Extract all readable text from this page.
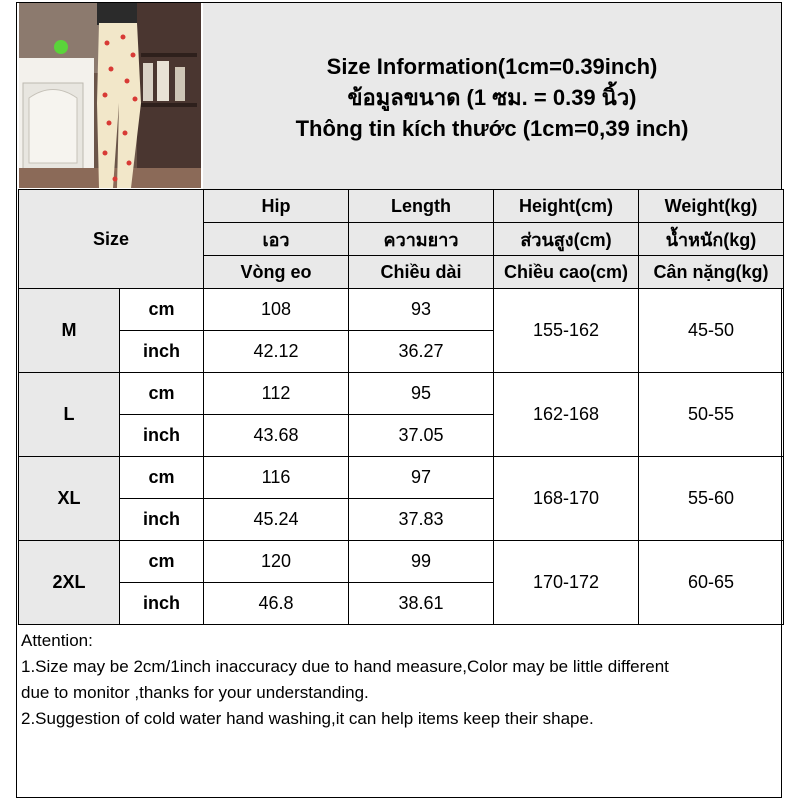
Size Information(1cm=0.39inch)
ข้อมูลขนาด (1 ซม. = 0.39 นิ้ว)
Thông tin kích thước (1cm=0,39 inch)
Size		Hip	Length	Height(cm)	Weight(kg)
		เอว	ความยาว	ส่วนสูง(cm)	น้ำหนัก(kg)
		Vòng eo	Chiều dài	Chiều cao(cm)	Cân nặng(kg)
M	cm	108	93	155-162	45-50
	inch	42.12	36.27		
L	cm	112	95	162-168	50-55
	inch	43.68	37.05		
XL	cm	116	97	168-170	55-60
	inch	45.24	37.83		
2XL	cm	120	99	170-172	60-65
	inch	46.8	38.61		
Attention:
1.Size may be 2cm/1inch inaccuracy due to hand measure,Color may be little different
due to monitor ,thanks for your understanding.
2.Suggestion of cold water hand washing,it can help items keep their shape.
